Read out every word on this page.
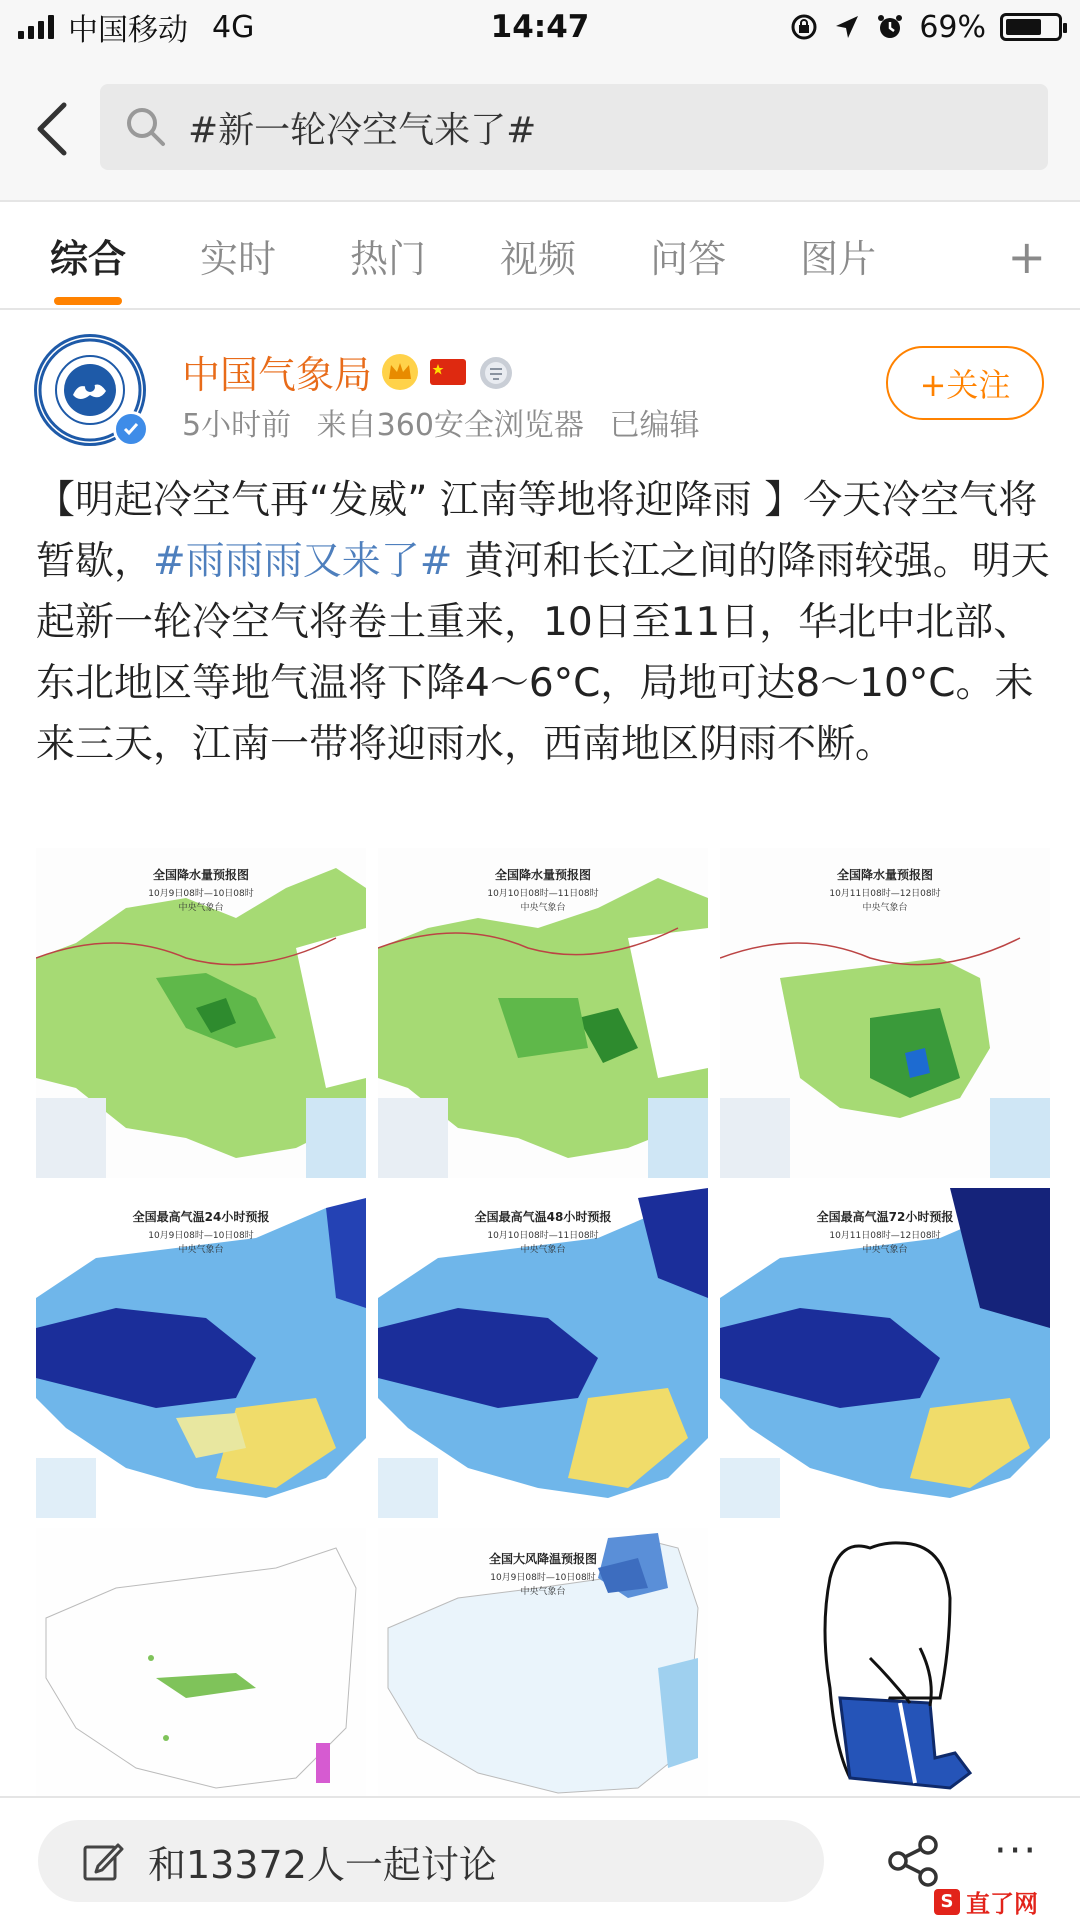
中国移动 4G	14:47	69%
#新一轮冷空气来了#
综合 实时 热门 视频 问答 图片	+
中国气象局
5小时前 来自360安全浏览器 已编辑
+关注
【明起冷空气再“发威” 江南等地将迎降雨 】今天冷空气将暂歇，#雨雨雨又来了# 黄河和长江之间的降雨较强。明天起新一轮冷空气将卷土重来，10日至11日，华北中北部、东北地区等地气温将下降4～6°C，局地可达8～10°C。未来三天，江南一带将迎雨水，西南地区阴雨不断。
全国降水量预报图
10月9日08时—10日08时
中央气象台
全国降水量预报图
10月10日08时—11日08时
中央气象台
全国降水量预报图
10月11日08时—12日08时
中央气象台
全国最高气温24小时预报
10月9日08时—10日08时
中央气象台
全国最高气温48小时预报
10月10日08时—11日08时
中央气象台
全国最高气温72小时预报
10月11日08时—12日08时
中央气象台
全国大风降温预报图
10月9日08时—10日08时
中央气象台
和13372人一起讨论	···
S 直了网
